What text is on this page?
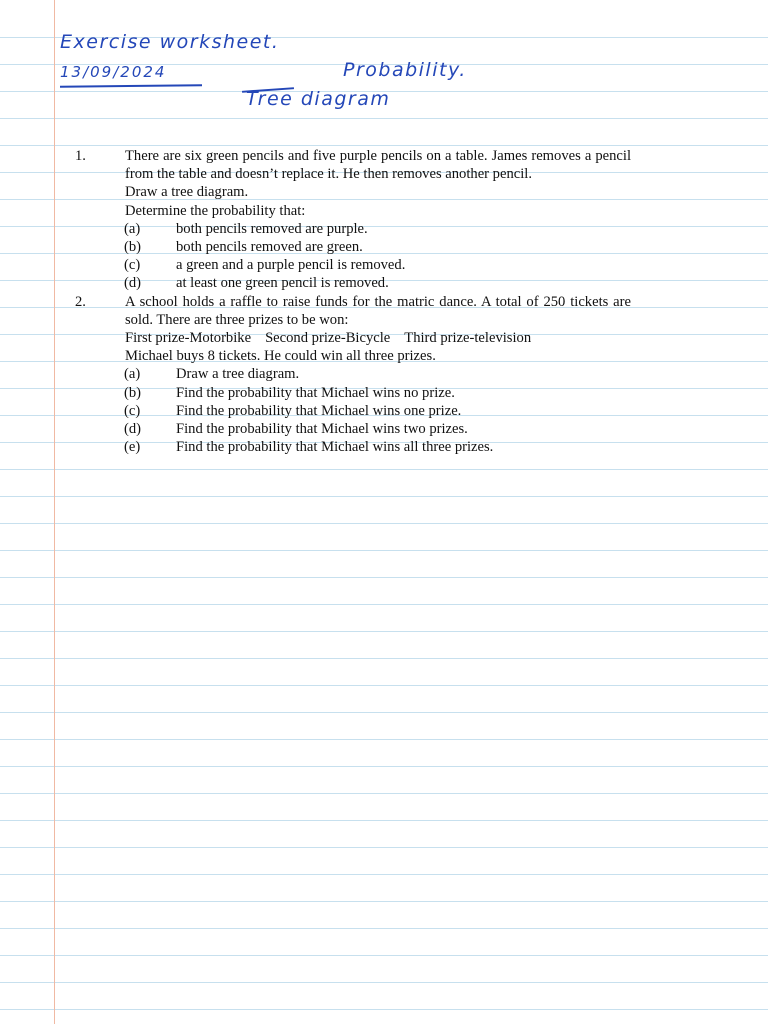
Exercise worksheet.
13/09/2024	Probability.
Tree diagram
1.	There are six green pencils and five purple pencils on a table. James removes a pencil from the table and doesn’t replace it. He then removes another pencil.
Draw a tree diagram.
Determine the probability that:
(a)	both pencils removed are purple.
(b)	both pencils removed are green.
(c)	a green and a purple pencil is removed.
(d)	at least one green pencil is removed.
2.	A school holds a raffle to raise funds for the matric dance. A total of 250 tickets are sold. There are three prizes to be won:
First prize-Motorbike Second prize-Bicycle Third prize-television
Michael buys 8 tickets. He could win all three prizes.
(a)	Draw a tree diagram.
(b)	Find the probability that Michael wins no prize.
(c)	Find the probability that Michael wins one prize.
(d)	Find the probability that Michael wins two prizes.
(e)	Find the probability that Michael wins all three prizes.
